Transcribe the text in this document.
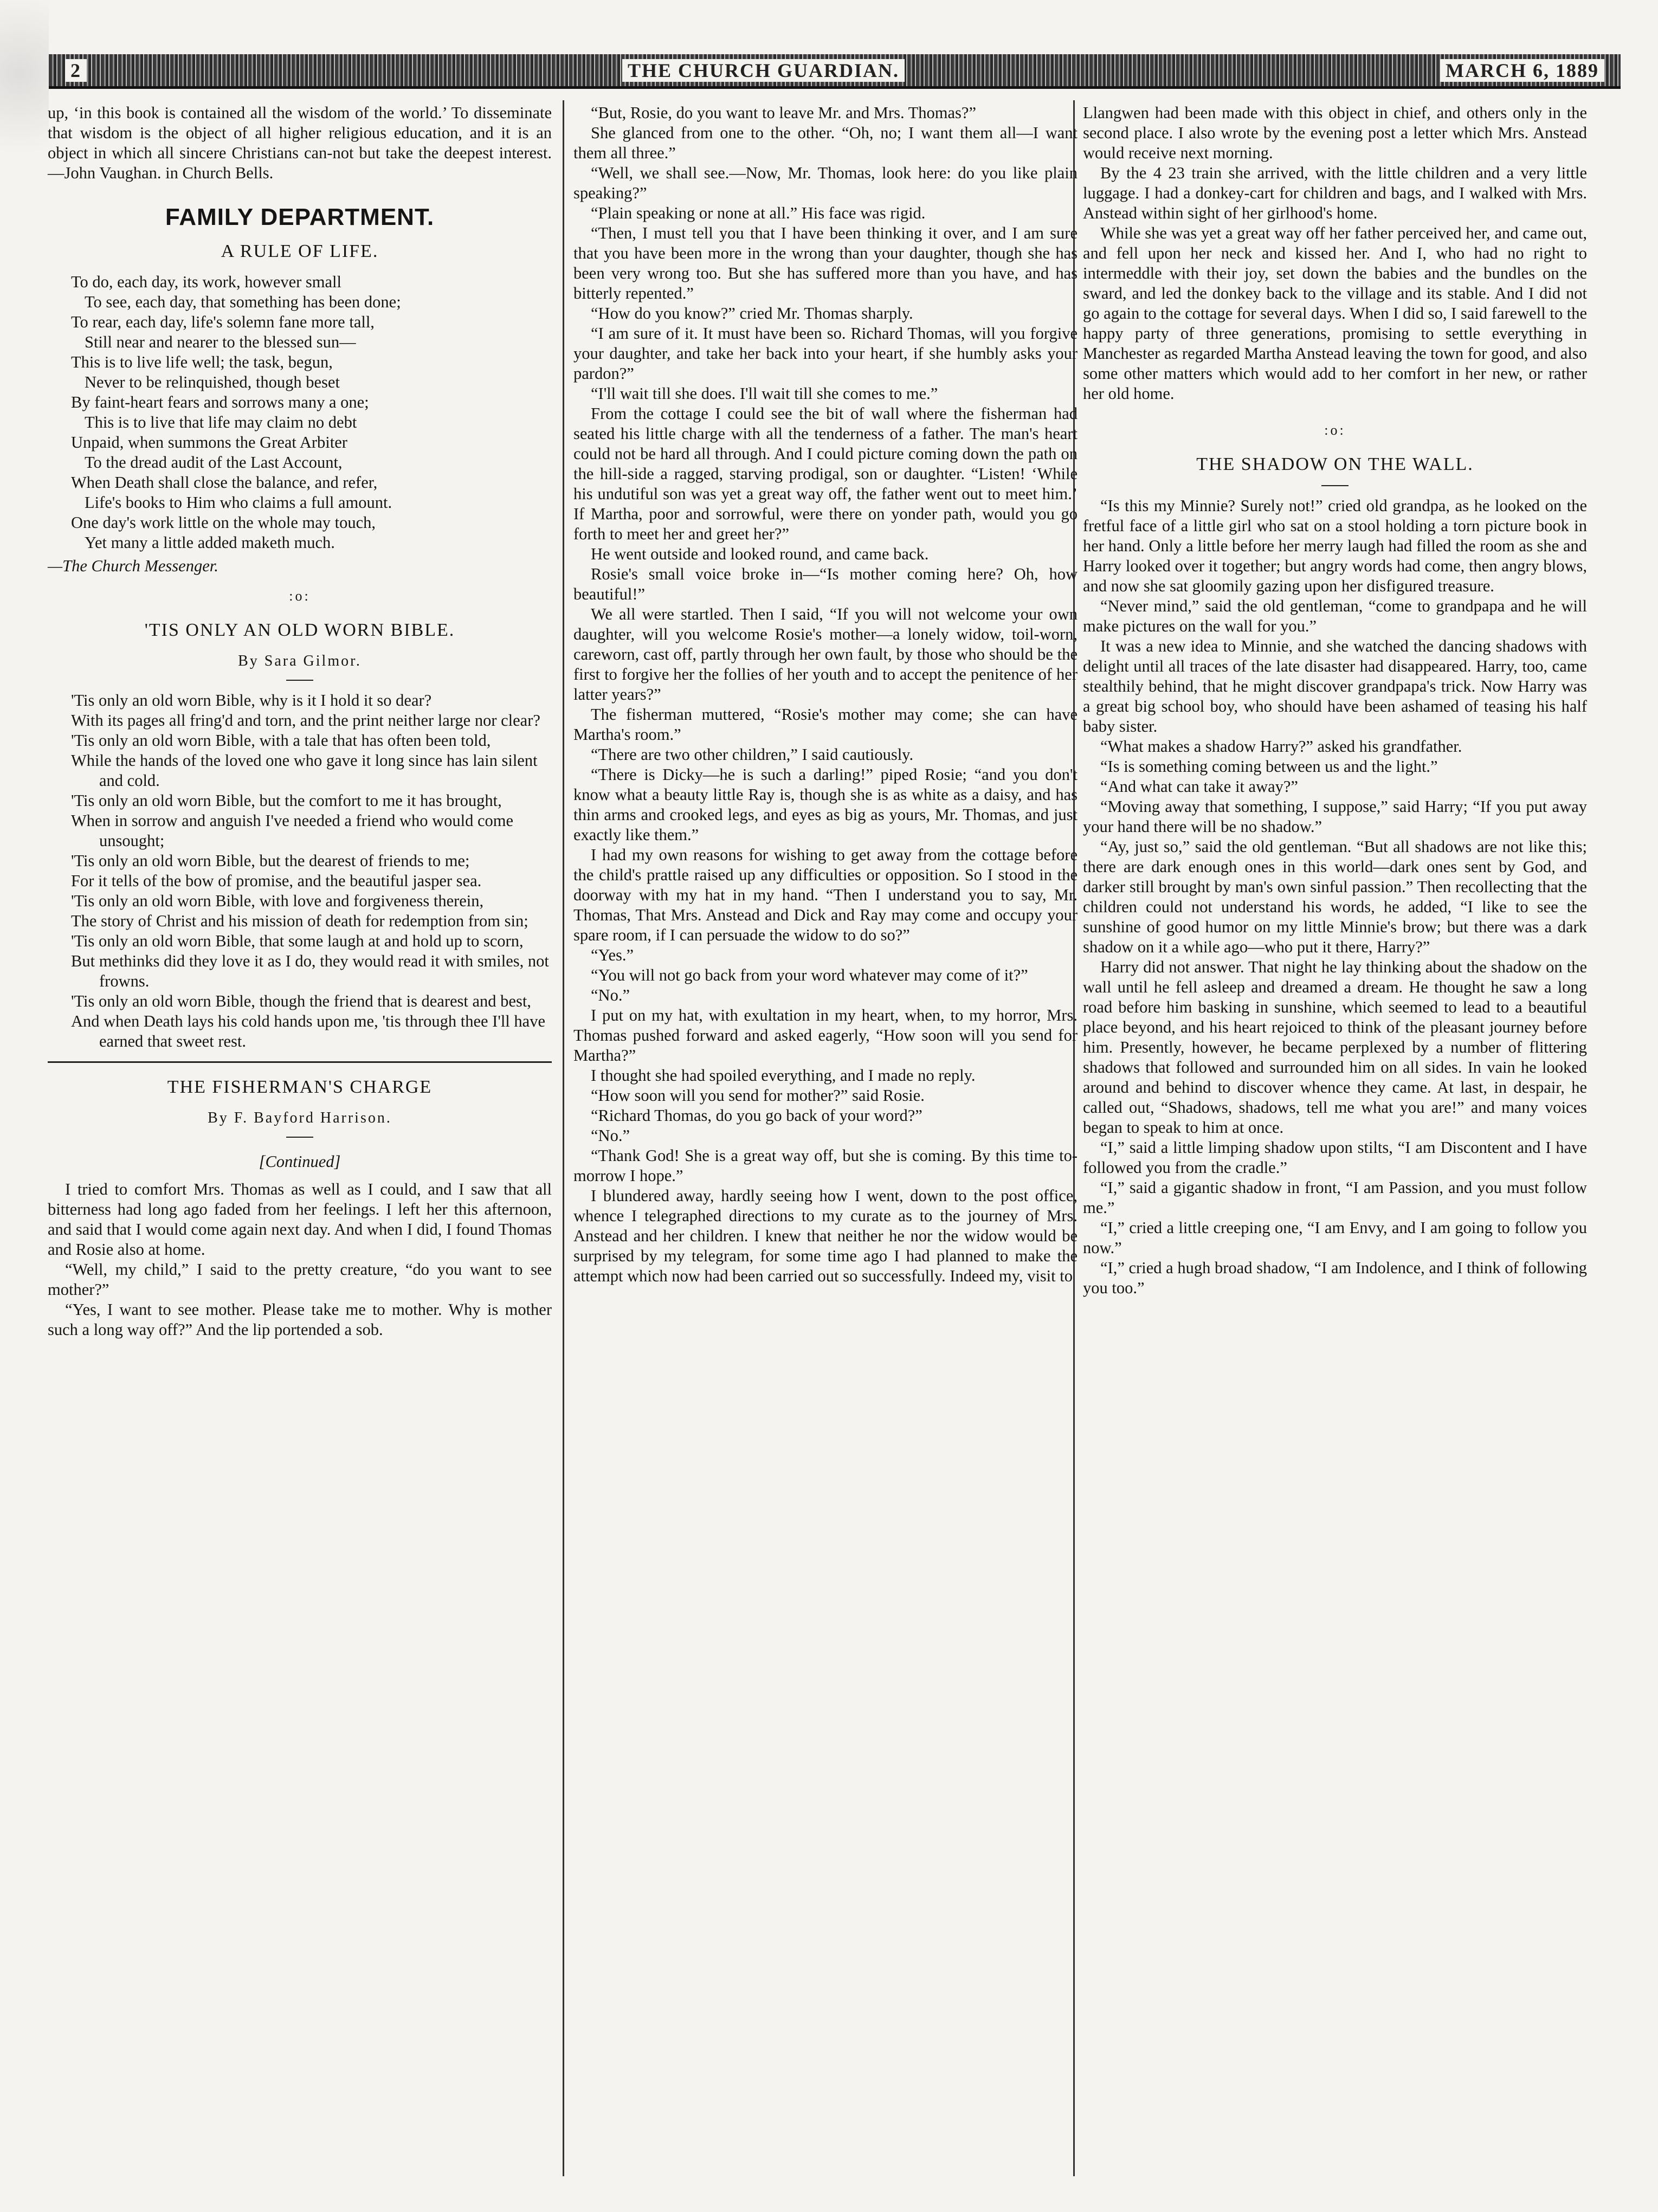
2	THE CHURCH GUARDIAN.	MARCH 6, 1889

up, ‘in this book is contained all the wisdom of the world.’ To disseminate that wisdom is the object of all higher religious education, and it is an object in which all sincere Christians can-not but take the deepest interest.—John Vaughan. in Church Bells.

FAMILY DEPARTMENT.
A RULE OF LIFE.

To do, each day, its work, however small

To see, each day, that something has been done;

To rear, each day, life's solemn fane more tall,

Still near and nearer to the blessed sun—

This is to live life well; the task, begun,

Never to be relinquished, though beset

By faint-heart fears and sorrows many a one;

This is to live that life may claim no debt

Unpaid, when summons the Great Arbiter

To the dread audit of the Last Account,

When Death shall close the balance, and refer,

Life's books to Him who claims a full amount.

One day's work little on the whole may touch,

Yet many a little added maketh much.

—The Church Messenger.

:o:
'TIS ONLY AN OLD WORN BIBLE.
By Sara Gilmor.

'Tis only an old worn Bible, why is it I hold it so dear?

With its pages all fring'd and torn, and the print neither large nor clear?

'Tis only an old worn Bible, with a tale that has often been told,

While the hands of the loved one who gave it long since has lain silent and cold.

'Tis only an old worn Bible, but the comfort to me it has brought,

When in sorrow and anguish I've needed a friend who would come unsought;

'Tis only an old worn Bible, but the dearest of friends to me;

For it tells of the bow of promise, and the beautiful jasper sea.

'Tis only an old worn Bible, with love and forgiveness therein,

The story of Christ and his mission of death for redemption from sin;

'Tis only an old worn Bible, that some laugh at and hold up to scorn,

But methinks did they love it as I do, they would read it with smiles, not frowns.

'Tis only an old worn Bible, though the friend that is dearest and best,

And when Death lays his cold hands upon me, 'tis through thee I'll have earned that sweet rest.

THE FISHERMAN'S CHARGE
By F. Bayford Harrison.
[Continued]

I tried to comfort Mrs. Thomas as well as I could, and I saw that all bitterness had long ago faded from her feelings. I left her this afternoon, and said that I would come again next day. And when I did, I found Thomas and Rosie also at home.

“Well, my child,” I said to the pretty creature, “do you want to see mother?”

“Yes, I want to see mother. Please take me to mother. Why is mother such a long way off?” And the lip portended a sob.

“But, Rosie, do you want to leave Mr. and Mrs. Thomas?”

She glanced from one to the other. “Oh, no; I want them all—I want them all three.”

“Well, we shall see.—Now, Mr. Thomas, look here: do you like plain speaking?”

“Plain speaking or none at all.” His face was rigid.

“Then, I must tell you that I have been thinking it over, and I am sure that you have been more in the wrong than your daughter, though she has been very wrong too. But she has suffered more than you have, and has bitterly repented.”

“How do you know?” cried Mr. Thomas sharply.

“I am sure of it. It must have been so. Richard Thomas, will you forgive your daughter, and take her back into your heart, if she humbly asks your pardon?”

“I'll wait till she does. I'll wait till she comes to me.”

From the cottage I could see the bit of wall where the fisherman had seated his little charge with all the tenderness of a father. The man's heart could not be hard all through. And I could picture coming down the path on the hill-side a ragged, starving prodigal, son or daughter. “Listen! ‘While his undutiful son was yet a great way off, the father went out to meet him.’ If Martha, poor and sorrowful, were there on yonder path, would you go forth to meet her and greet her?”

He went outside and looked round, and came back.

Rosie's small voice broke in—“Is mother coming here? Oh, how beautiful!”

We all were startled. Then I said, “If you will not welcome your own daughter, will you welcome Rosie's mother—a lonely widow, toil-worn, careworn, cast off, partly through her own fault, by those who should be the first to forgive her the follies of her youth and to accept the penitence of her latter years?”

The fisherman muttered, “Rosie's mother may come; she can have Martha's room.”

“There are two other children,” I said cautiously.

“There is Dicky—he is such a darling!” piped Rosie; “and you don't know what a beauty little Ray is, though she is as white as a daisy, and has thin arms and crooked legs, and eyes as big as yours, Mr. Thomas, and just exactly like them.”

I had my own reasons for wishing to get away from the cottage before the child's prattle raised up any difficulties or opposition. So I stood in the doorway with my hat in my hand. “Then I understand you to say, Mr. Thomas, That Mrs. Anstead and Dick and Ray may come and occupy your spare room, if I can persuade the widow to do so?”

“Yes.”

“You will not go back from your word whatever may come of it?”

“No.”

I put on my hat, with exultation in my heart, when, to my horror, Mrs. Thomas pushed forward and asked eagerly, “How soon will you send for Martha?”

I thought she had spoiled everything, and I made no reply.

“How soon will you send for mother?” said Rosie.

“Richard Thomas, do you go back of your word?”

“No.”

“Thank God! She is a great way off, but she is coming. By this time to-morrow I hope.”

I blundered away, hardly seeing how I went, down to the post office, whence I telegraphed directions to my curate as to the journey of Mrs. Anstead and her children. I knew that neither he nor the widow would be surprised by my telegram, for some time ago I had planned to make the attempt which now had been carried out so successfully. Indeed my, visit to

Llangwen had been made with this object in chief, and others only in the second place. I also wrote by the evening post a letter which Mrs. Anstead would receive next morning.

By the 4 23 train she arrived, with the little children and a very little luggage. I had a donkey-cart for children and bags, and I walked with Mrs. Anstead within sight of her girlhood's home.

While she was yet a great way off her father perceived her, and came out, and fell upon her neck and kissed her. And I, who had no right to intermeddle with their joy, set down the babies and the bundles on the sward, and led the donkey back to the village and its stable. And I did not go again to the cottage for several days. When I did so, I said farewell to the happy party of three generations, promising to settle everything in Manchester as regarded Martha Anstead leaving the town for good, and also some other matters which would add to her comfort in her new, or rather her old home.

:o:
THE SHADOW ON THE WALL.

“Is this my Minnie? Surely not!” cried old grandpa, as he looked on the fretful face of a little girl who sat on a stool holding a torn picture book in her hand. Only a little before her merry laugh had filled the room as she and Harry looked over it together; but angry words had come, then angry blows, and now she sat gloomily gazing upon her disfigured treasure.

“Never mind,” said the old gentleman, “come to grandpapa and he will make pictures on the wall for you.”

It was a new idea to Minnie, and she watched the dancing shadows with delight until all traces of the late disaster had disappeared. Harry, too, came stealthily behind, that he might discover grandpapa's trick. Now Harry was a great big school boy, who should have been ashamed of teasing his half baby sister.

“What makes a shadow Harry?” asked his grandfather.

“Is is something coming between us and the light.”

“And what can take it away?”

“Moving away that something, I suppose,” said Harry; “If you put away your hand there will be no shadow.”

“Ay, just so,” said the old gentleman. “But all shadows are not like this; there are dark enough ones in this world—dark ones sent by God, and darker still brought by man's own sinful passion.” Then recollecting that the children could not understand his words, he added, “I like to see the sunshine of good humor on my little Minnie's brow; but there was a dark shadow on it a while ago—who put it there, Harry?”

Harry did not answer. That night he lay thinking about the shadow on the wall until he fell asleep and dreamed a dream. He thought he saw a long road before him basking in sunshine, which seemed to lead to a beautiful place beyond, and his heart rejoiced to think of the pleasant journey before him. Presently, however, he became perplexed by a number of flittering shadows that followed and surrounded him on all sides. In vain he looked around and behind to discover whence they came. At last, in despair, he called out, “Shadows, shadows, tell me what you are!” and many voices began to speak to him at once.

“I,” said a little limping shadow upon stilts, “I am Discontent and I have followed you from the cradle.”

“I,” said a gigantic shadow in front, “I am Passion, and you must follow me.”

“I,” cried a little creeping one, “I am Envy, and I am going to follow you now.”

“I,” cried a hugh broad shadow, “I am Indolence, and I think of following you too.”
